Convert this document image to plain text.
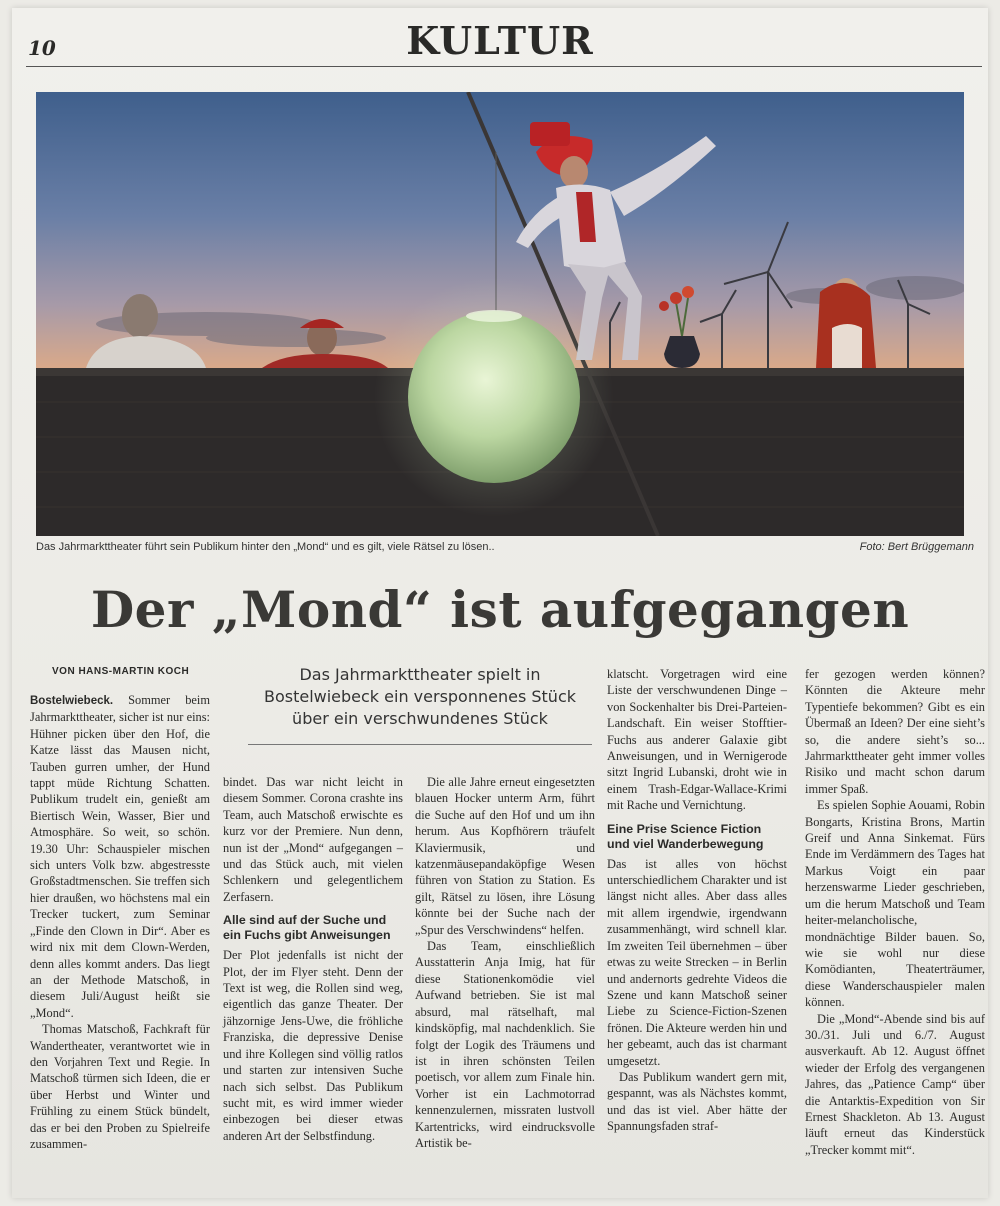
10	KULTUR
Das Jahrmarkttheater führt sein Publikum hinter den „Mond“ und es gilt, viele Rätsel zu lösen..	Foto: Bert Brüggemann
Der „Mond“ ist aufgegangen
VON HANS-MARTIN KOCH	Das Jahrmarkttheater spielt in
Bostelwiebeck ein versponnenes Stück
über ein verschwundenes Stück

Bostelwiebeck. Sommer beim Jahrmarkttheater, sicher ist nur eins: Hühner picken über den Hof, die Katze lässt das Mausen nicht, Tauben gurren umher, der Hund tappt müde Richtung Schatten. Publikum trudelt ein, genießt am Biertisch Wein, Wasser, Bier und Atmosphäre. So weit, so schön. 19.30 Uhr: Schauspieler mischen sich unters Volk bzw. abgestresste Großstadtmenschen. Sie treffen sich hier draußen, wo höchstens mal ein Trecker tuckert, zum Seminar „Finde den Clown in Dir“. Aber es wird nix mit dem Clown-Werden, denn alles kommt anders. Das liegt an der Methode Matschoß, in diesem Juli/August heißt sie „Mond“.

Thomas Matschoß, Fachkraft für Wandertheater, verantwortet wie in den Vorjahren Text und Regie. In Matschoß türmen sich Ideen, die er über Herbst und Winter und Frühling zu einem Stück bündelt, das er bei den Proben zu Spielreife zusammen-

bindet. Das war nicht leicht in diesem Sommer. Corona crashte ins Team, auch Matschoß erwischte es kurz vor der Premiere. Nun denn, nun ist der „Mond“ aufgegangen – und das Stück auch, mit vielen Schlenkern und gelegentlichem Zerfasern.

Alle sind auf der Suche und ein Fuchs gibt Anweisungen

Der Plot jedenfalls ist nicht der Plot, der im Flyer steht. Denn der Text ist weg, die Rollen sind weg, eigentlich das ganze Theater. Der jähzornige Jens-Uwe, die fröhliche Franziska, die depressive Denise und ihre Kollegen sind völlig ratlos und starten zur intensiven Suche nach sich selbst. Das Publikum sucht mit, es wird immer wieder einbezogen bei dieser etwas anderen Art der Selbstfindung.

Die alle Jahre erneut eingesetzten blauen Hocker unterm Arm, führt die Suche auf den Hof und um ihn herum. Aus Kopfhörern träufelt Klaviermusik, und katzenmäusepandaköpfige Wesen führen von Station zu Station. Es gilt, Rätsel zu lösen, ihre Lösung könnte bei der Suche nach der „Spur des Verschwindens“ helfen.

Das Team, einschließlich Ausstatterin Anja Imig, hat für diese Stationenkomödie viel Aufwand betrieben. Sie ist mal absurd, mal rätselhaft, mal kindsköpfig, mal nachdenklich. Sie folgt der Logik des Träumens und ist in ihren schönsten Teilen poetisch, vor allem zum Finale hin. Vorher ist ein Lachmotorrad kennenzulernen, missraten lustvoll Kartentricks, wird eindrucksvolle Artistik be-

klatscht. Vorgetragen wird eine Liste der verschwundenen Dinge – von Sockenhalter bis Drei-Parteien-Landschaft. Ein weiser Stofftier-Fuchs aus anderer Galaxie gibt Anweisungen, und in Wernigerode sitzt Ingrid Lubanski, droht wie in einem Trash-Edgar-Wallace-Krimi mit Rache und Vernichtung.

Eine Prise Science Fiction und viel Wanderbewegung

Das ist alles von höchst unterschiedlichem Charakter und ist längst nicht alles. Aber dass alles mit allem irgendwie, irgendwann zusammenhängt, wird schnell klar. Im zweiten Teil übernehmen – über etwas zu weite Strecken – in Berlin und andernorts gedrehte Videos die Szene und kann Matschoß seiner Liebe zu Science-Fiction-Szenen frönen. Die Akteure werden hin und her gebeamt, auch das ist charmant umgesetzt.

Das Publikum wandert gern mit, gespannt, was als Nächstes kommt, und das ist viel. Aber hätte der Spannungsfaden straf-

fer gezogen werden können? Könnten die Akteure mehr Typentiefe bekommen? Gibt es ein Übermaß an Ideen? Der eine sieht’s so, die andere sieht’s so... Jahrmarkttheater geht immer volles Risiko und macht schon darum immer Spaß.

Es spielen Sophie Aouami, Robin Bongarts, Kristina Brons, Martin Greif und Anna Sinkemat. Fürs Ende im Verdämmern des Tages hat Markus Voigt ein paar herzenswarme Lieder geschrieben, um die herum Matschoß und Team heiter-melancholische, mondnächtige Bilder bauen. So, wie sie wohl nur diese Komödianten, Theaterträumer, diese Wanderschauspieler malen können.

Die „Mond“-Abende sind bis auf 30./31. Juli und 6./7. August ausverkauft. Ab 12. August öffnet wieder der Erfolg des vergangenen Jahres, das „Patience Camp“ über die Antarktis-Expedition von Sir Ernest Shackleton. Ab 13. August läuft erneut das Kinderstück „Trecker kommt mit“.
